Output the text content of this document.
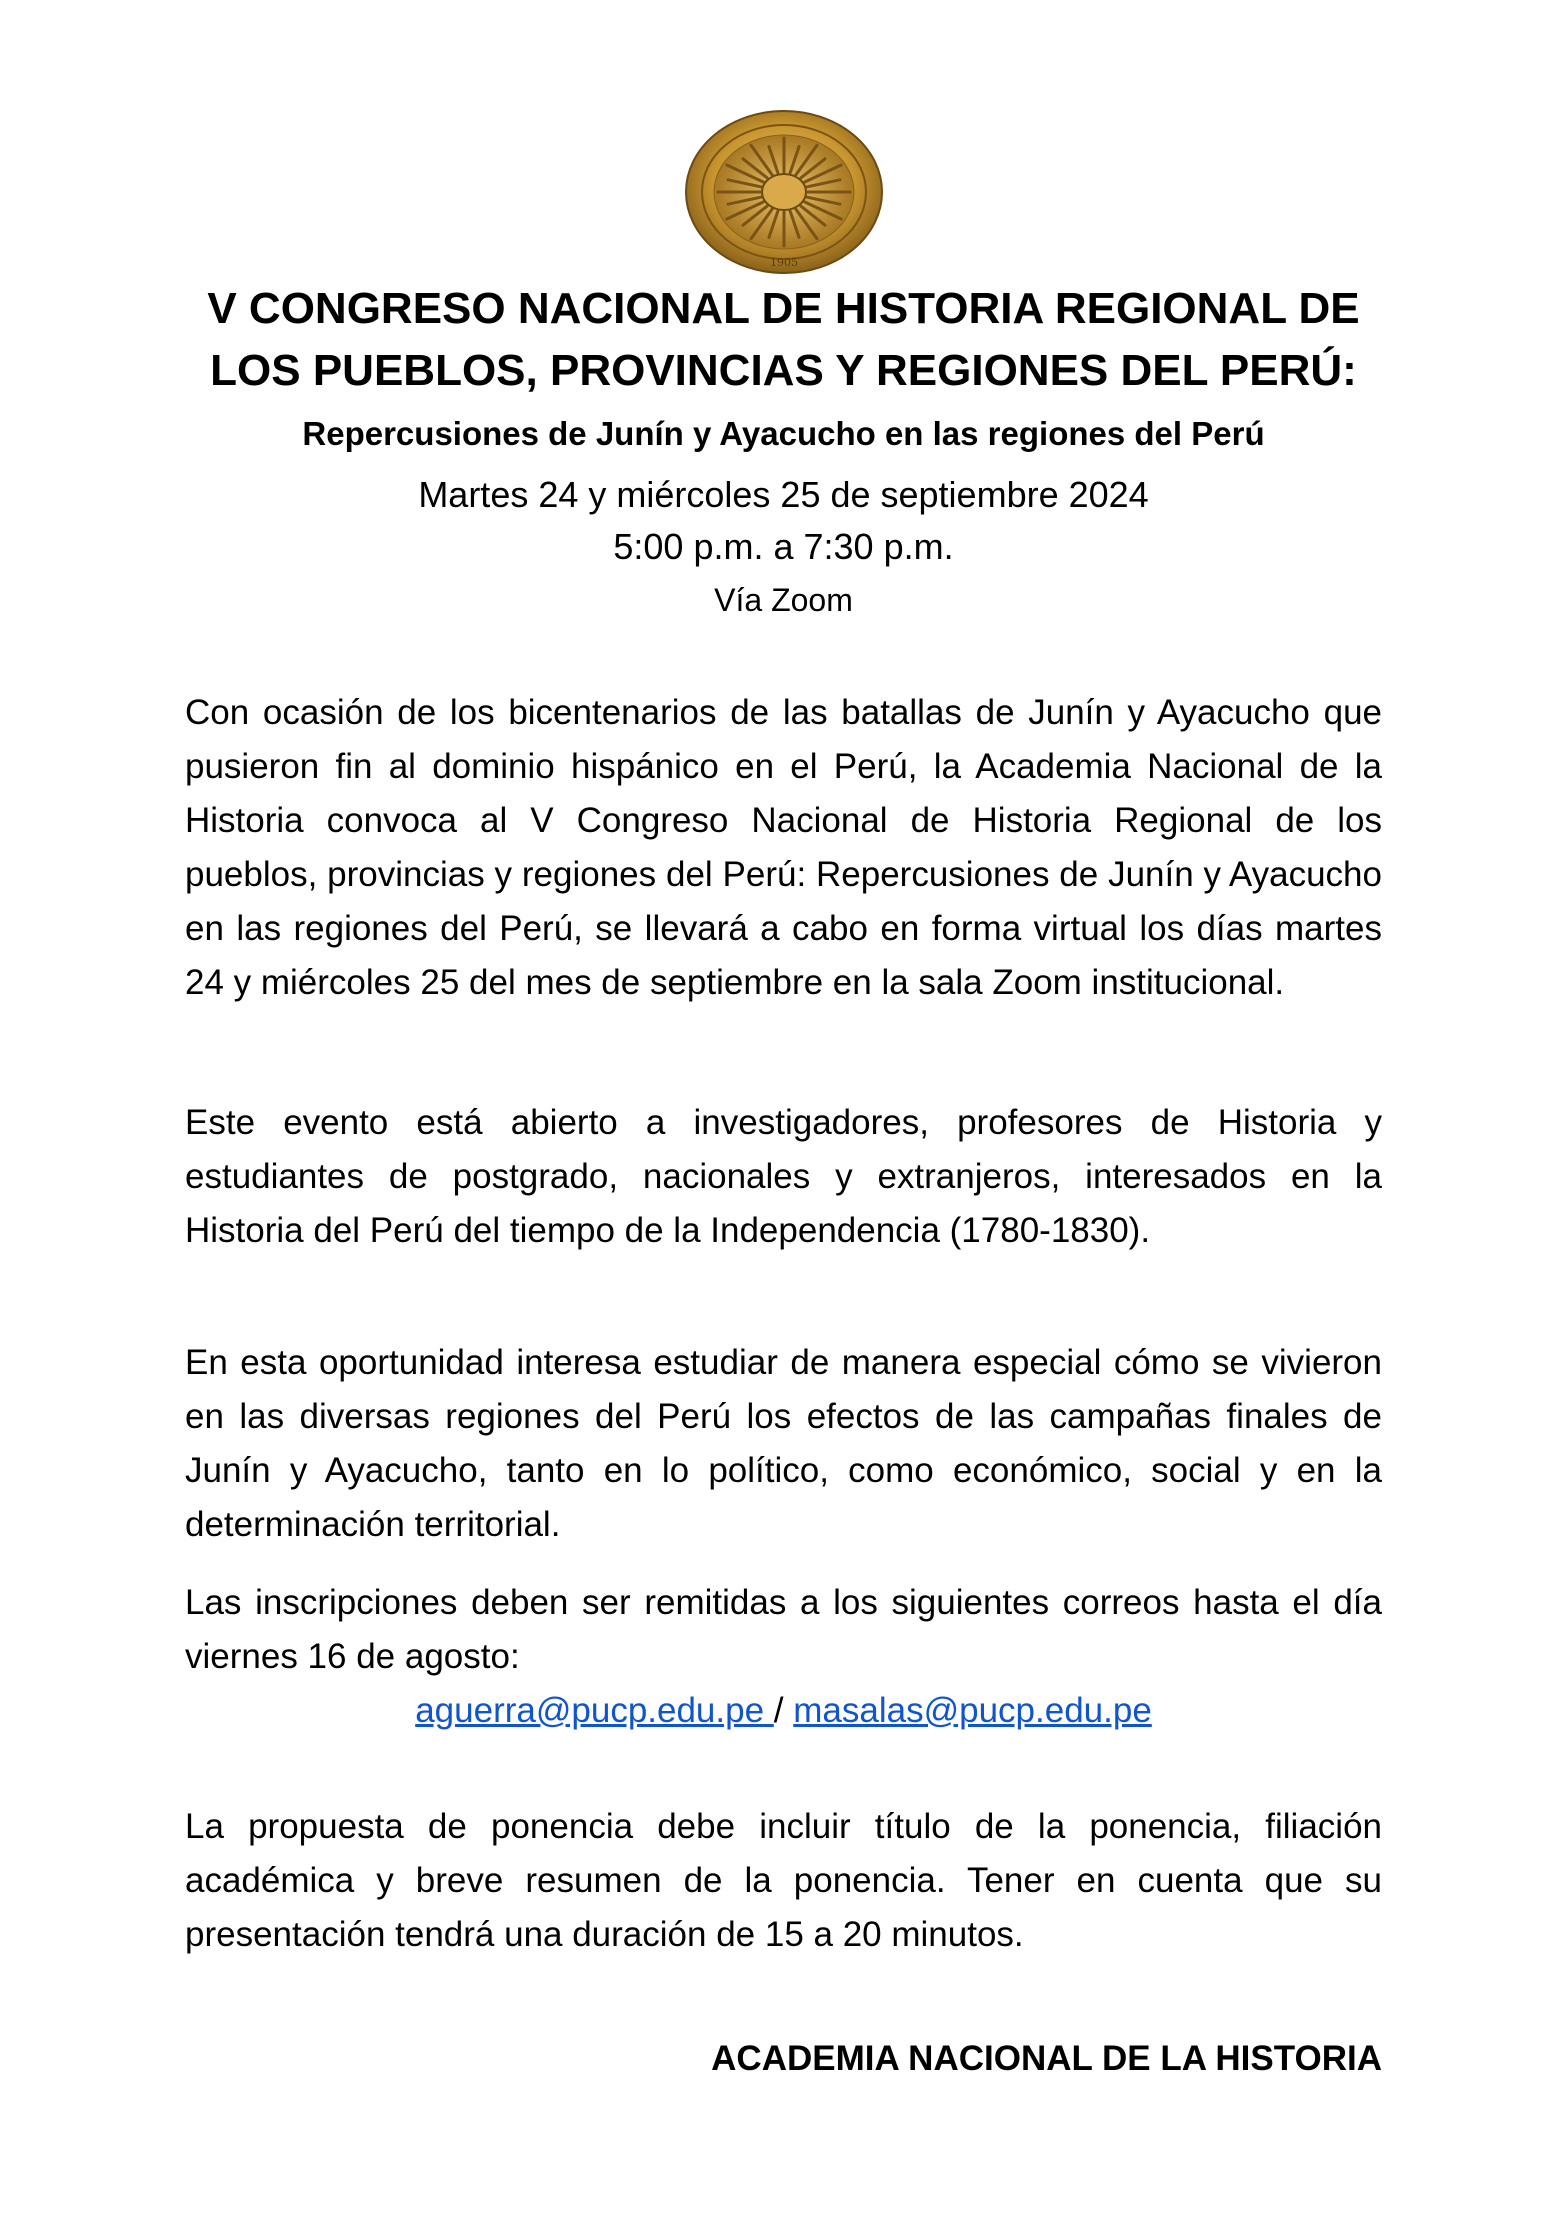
1905
V CONGRESO NACIONAL DE HISTORIA REGIONAL DE
LOS PUEBLOS, PROVINCIAS Y REGIONES DEL PERÚ:

Repercusiones de Junín y Ayacucho en las regiones del Perú

Martes 24 y miércoles 25 de septiembre 2024

5:00 p.m. a 7:30 p.m.

Vía Zoom

Con ocasión de los bicentenarios de las batallas de Junín y Ayacucho que pusieron fin al dominio hispánico en el Perú, la Academia Nacional de la Historia convoca al V Congreso Nacional de Historia Regional de los pueblos, provincias y regiones del Perú: Repercusiones de Junín y Ayacucho en las regiones del Perú, se llevará a cabo en forma virtual los días martes 24 y miércoles 25 del mes de septiembre en la sala Zoom institucional.

Este evento está abierto a investigadores, profesores de Historia y estudiantes de postgrado, nacionales y extranjeros, interesados en la Historia del Perú del tiempo de la Independencia (1780-1830).

En esta oportunidad interesa estudiar de manera especial cómo se vivieron en las diversas regiones del Perú los efectos de las campañas finales de Junín y Ayacucho, tanto en lo político, como económico, social y en la determinación territorial.

Las inscripciones deben ser remitidas a los siguientes correos hasta el día viernes 16 de agosto:

aguerra@pucp.edu.pe / masalas@pucp.edu.pe

La propuesta de ponencia debe incluir título de la ponencia, filiación académica y breve resumen de la ponencia. Tener en cuenta que su presentación tendrá una duración de 15 a 20 minutos.

ACADEMIA NACIONAL DE LA HISTORIA
